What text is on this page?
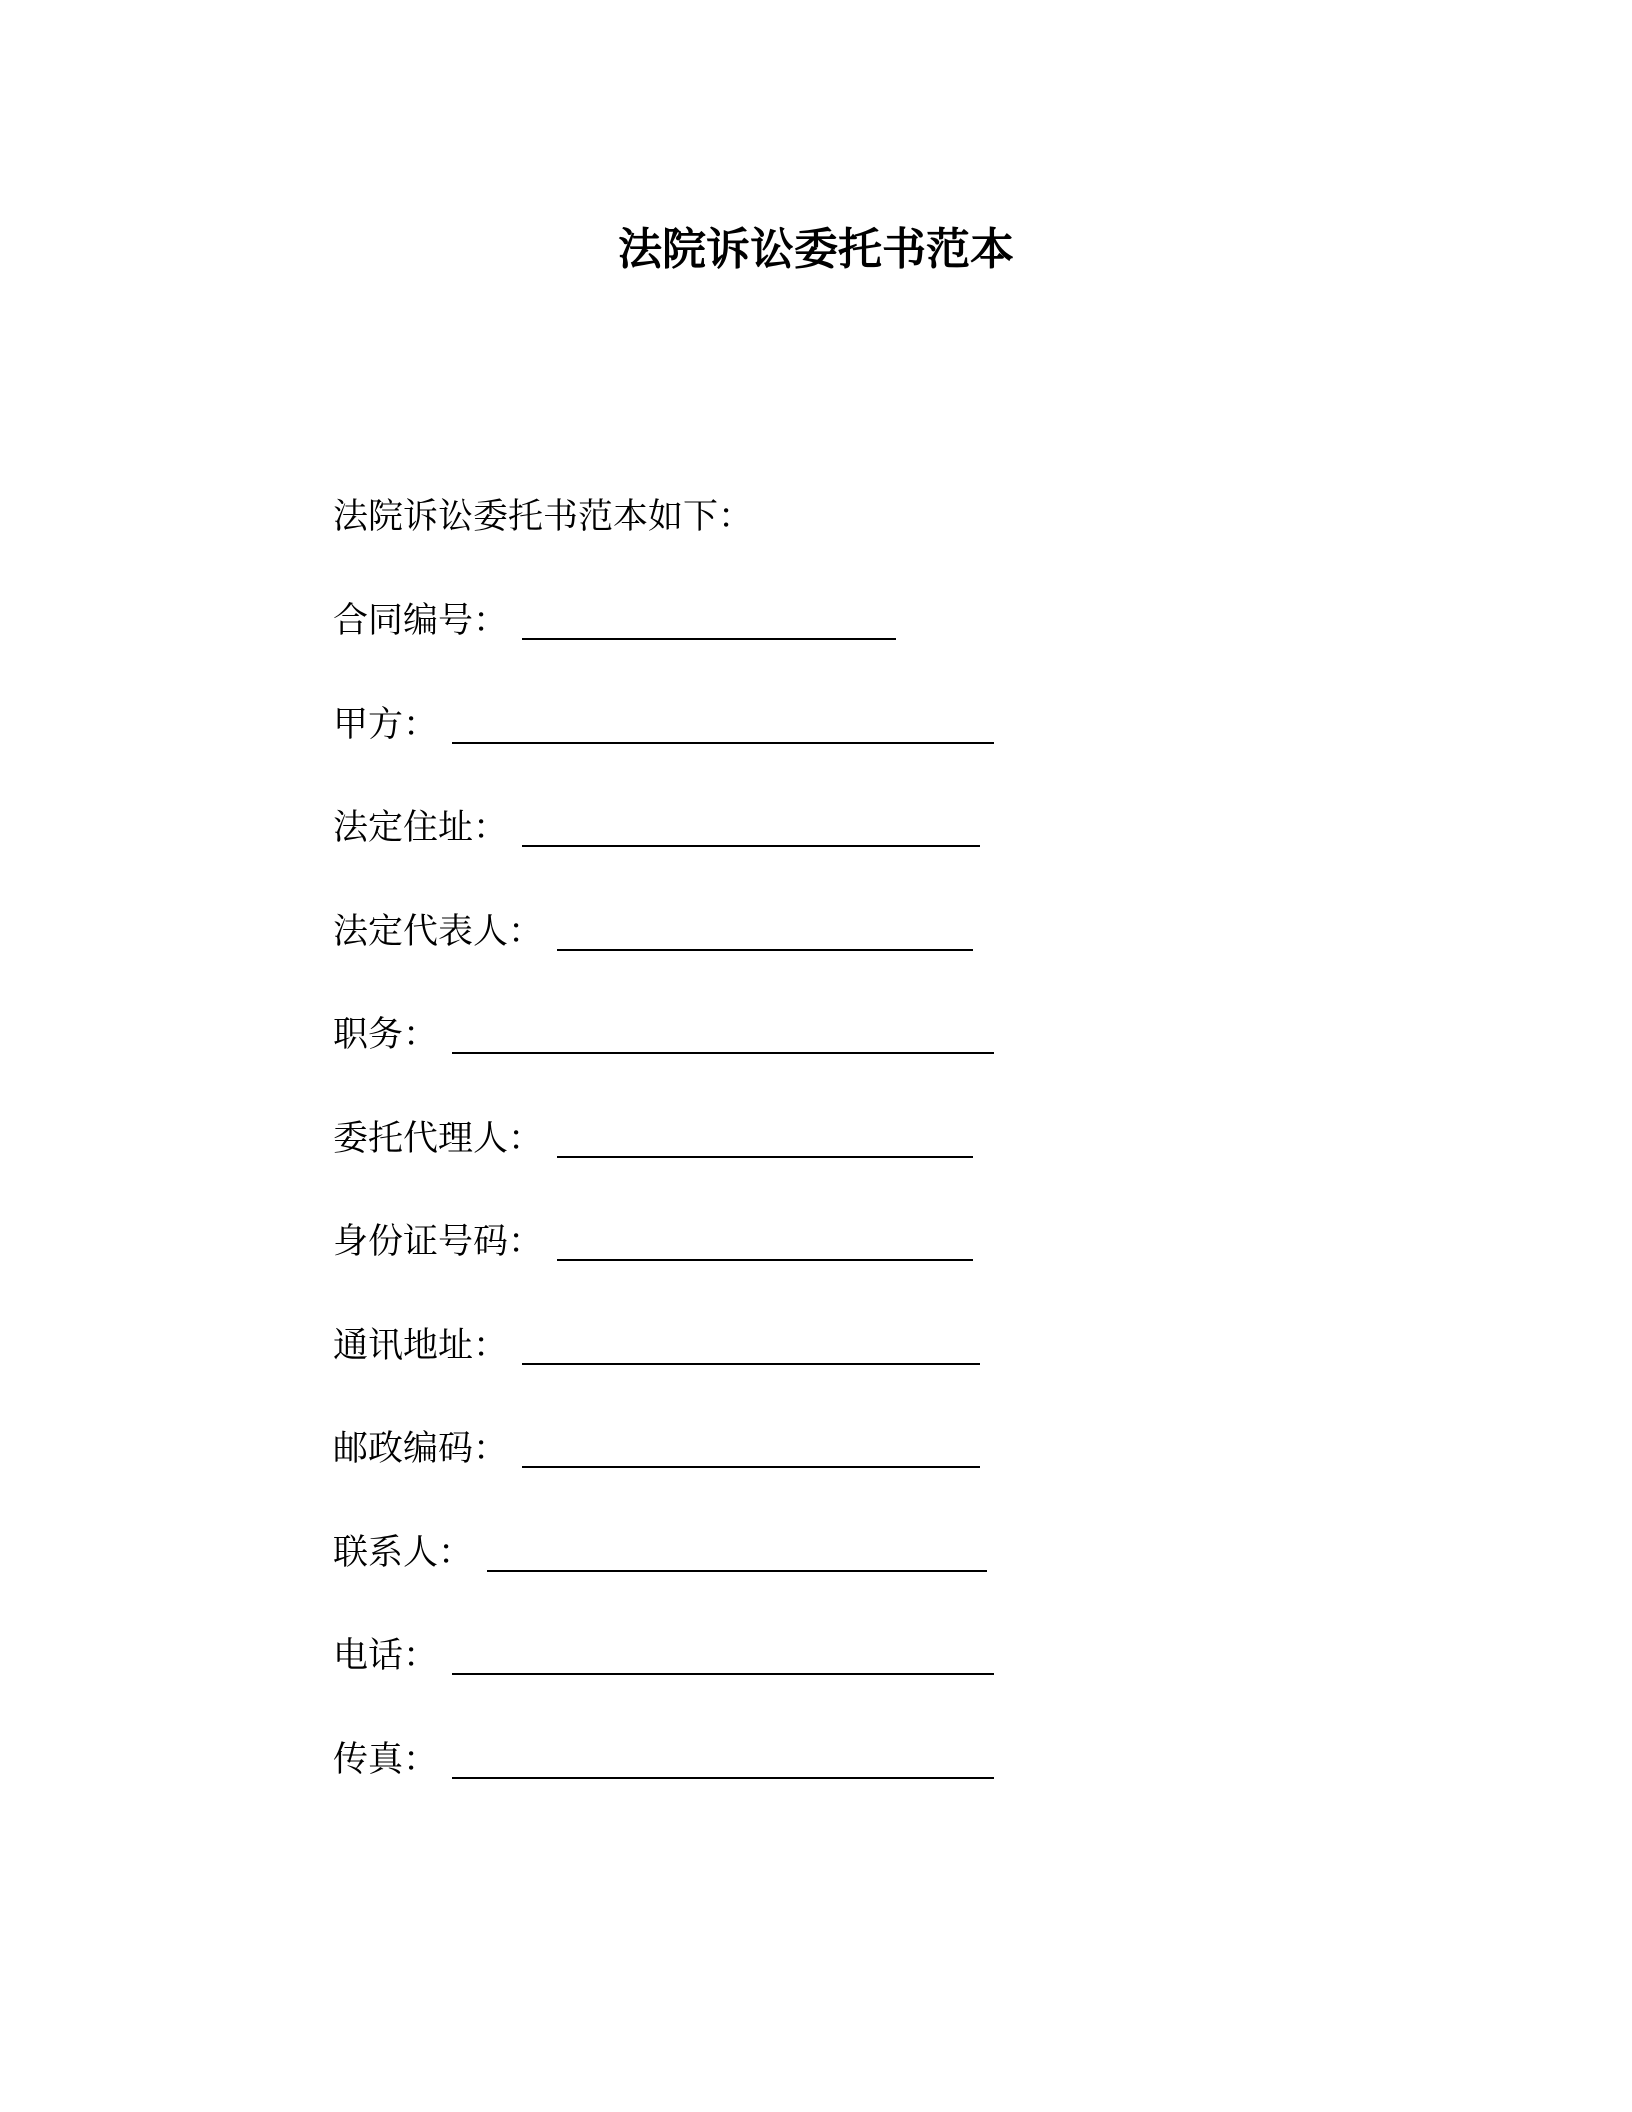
法院诉讼委托书范本
法院诉讼委托书范本如下：
合同编号 ：
甲方 ：
法定住址 ：
法定代表人 ：
职务 ：
委托代理人 ：
身份证号码 ：
通讯地址 ：
邮政编码 ：
联系人 ：
电话 ：
传真 ：
